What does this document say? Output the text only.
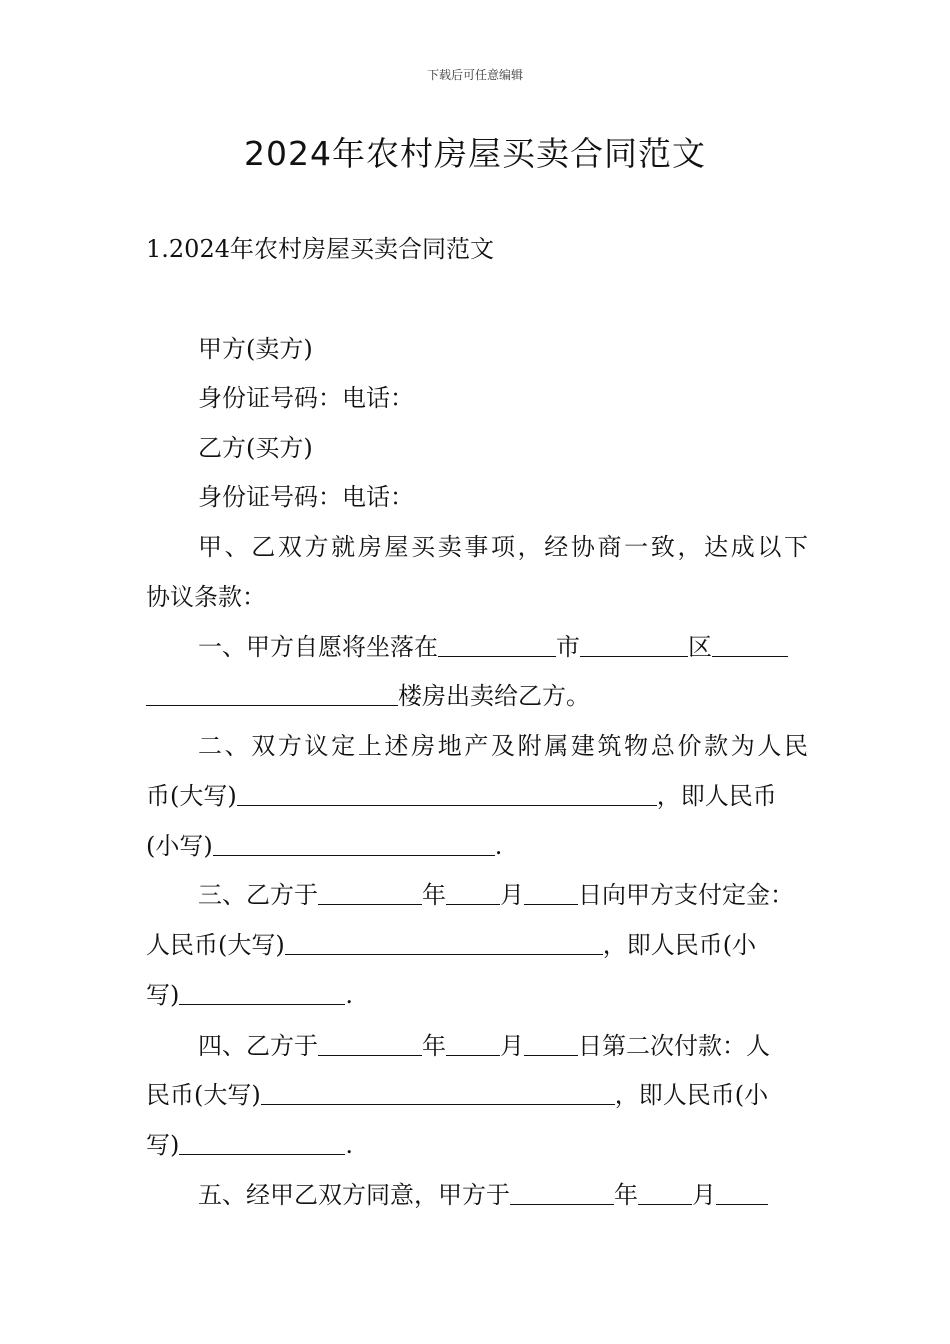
下载后可任意编辑
2024年农村房屋买卖合同范文
1.2024年农村房屋买卖合同范文
甲方(卖方)
身份证号码：电话：
乙方(买方)
身份证号码：电话：
甲、乙双方就房屋买卖事项，经协商一致，达成以下
协议条款：
一、甲方自愿将坐落在	市	区
楼房出卖给乙方。
二、双方议定上述房地产及附属建筑物总价款为人民
币(大写)	，即人民币
(小写)	.
三、乙方于	年 月 日向甲方支付定金：
人民币(大写)	，即人民币(小
写)	.
四、乙方于	年 月 日第二次付款：人
民币(大写)	，即人民币(小
写)	.
五、经甲乙双方同意，甲方于	年 月
